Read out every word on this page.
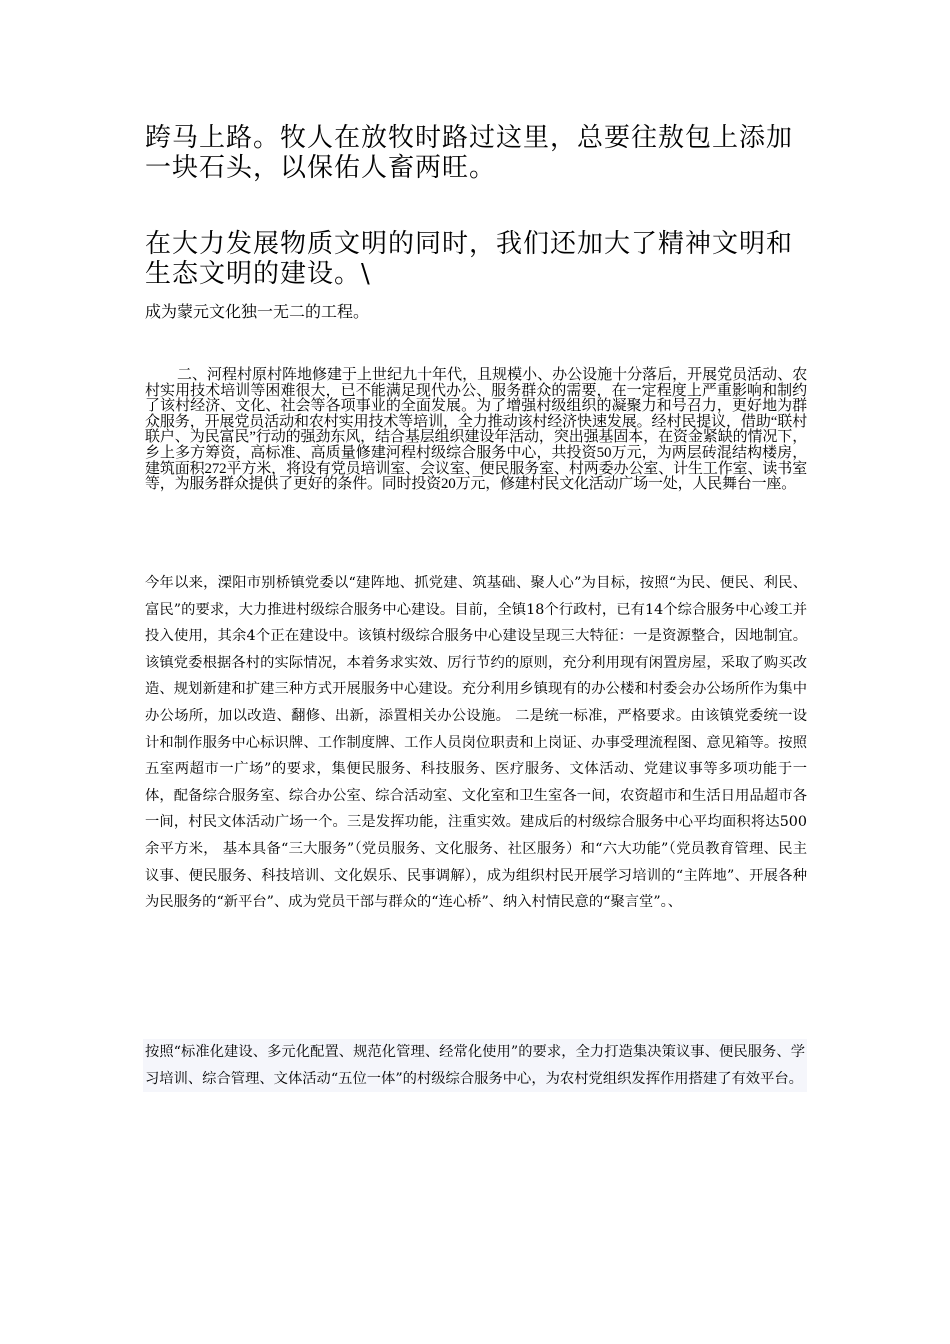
跨马上路。牧人在放牧时路过这里，总要往敖包上添加一块石头，以保佑人畜两旺。

在大力发展物质文明的同时，我们还加大了精神文明和生态文明的建设。\

成为蒙元文化独一无二的工程。

二、河程村原村阵地修建于上世纪九十年代，且规模小、办公设施十分落后，开展党员活动、农村实用技术培训等困难很大，已不能满足现代办公、服务群众的需要，在一定程度上严重影响和制约了该村经济、文化、社会等各项事业的全面发展。为了增强村级组织的凝聚力和号召力，更好地为群众服务，开展党员活动和农村实用技术等培训，全力推动该村经济快速发展。经村民提议，借助“联村联户、为民富民”行动的强劲东风，结合基层组织建设年活动，突出强基固本，在资金紧缺的情况下，乡上多方筹资，高标准、高质量修建河程村级综合服务中心，共投资50万元，为两层砖混结构楼房，建筑面积272平方米，将设有党员培训室、会议室、便民服务室、村两委办公室、计生工作室、读书室等，为服务群众提供了更好的条件。同时投资20万元，修建村民文化活动广场一处，人民舞台一座。

今年以来，溧阳市别桥镇党委以“建阵地、抓党建、筑基础、聚人心”为目标，按照“为民、便民、利民、富民”的要求，大力推进村级综合服务中心建设。目前，全镇18个行政村，已有14个综合服务中心竣工并投入使用，其余4个正在建设中。该镇村级综合服务中心建设呈现三大特征：一是资源整合，因地制宜。该镇党委根据各村的实际情况，本着务求实效、厉行节约的原则，充分利用现有闲置房屋，采取了购买改造、规划新建和扩建三种方式开展服务中心建设。充分利用乡镇现有的办公楼和村委会办公场所作为集中办公场所，加以改造、翻修、出新，添置相关办公设施。 二是统一标准，严格要求。由该镇党委统一设计和制作服务中心标识牌、工作制度牌、工作人员岗位职责和上岗证、办事受理流程图、意见箱等。按照五室两超市一广场”的要求，集便民服务、科技服务、医疗服务、文体活动、党建议事等多项功能于一体，配备综合服务室、综合办公室、综合活动室、文化室和卫生室各一间，农资超市和生活日用品超市各一间，村民文体活动广场一个。三是发挥功能，注重实效。建成后的村级综合服务中心平均面积将达500余平方米， 基本具备“三大服务”（党员服务、文化服务、社区服务）和“六大功能”（党员教育管理、民主议事、便民服务、科技培训、文化娱乐、民事调解），成为组织村民开展学习培训的“主阵地”、开展各种为民服务的“新平台”、成为党员干部与群众的“连心桥”、纳入村情民意的“聚言堂”。、

按照“标准化建设、多元化配置、规范化管理、经常化使用”的要求，全力打造集决策议事、便民服务、学习培训、综合管理、文体活动“五位一体”的村级综合服务中心，为农村党组织发挥作用搭建了有效平台。
